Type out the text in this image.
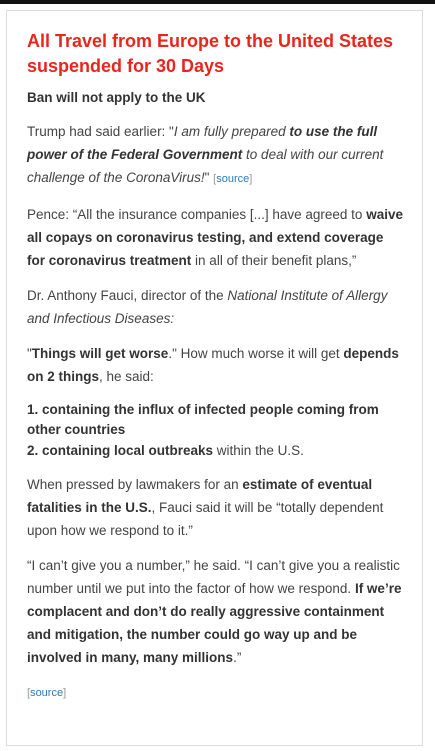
All Travel from Europe to the United States suspended for 30 Days
Ban will not apply to the UK

Trump had said earlier: "I am fully prepared to use the full power of the Federal Government to deal with our current challenge of the CoronaVirus!" [source]

Pence: “All the insurance companies [...] have agreed to waive all copays on coronavirus testing, and extend coverage for coronavirus treatment in all of their benefit plans,”

Dr. Anthony Fauci, director of the National Institute of Allergy and Infectious Diseases:

"Things will get worse." How much worse it will get depends on 2 things, he said:

1. containing the influx of infected people coming from other countries
2. containing local outbreaks within the U.S.

When pressed by lawmakers for an estimate of eventual fatalities in the U.S., Fauci said it will be “totally dependent upon how we respond to it.”

“I can’t give you a number,” he said. “I can’t give you a realistic number until we put into the factor of how we respond. If we’re complacent and don’t do really aggressive containment and mitigation, the number could go way up and be involved in many, many millions.”

[source]
